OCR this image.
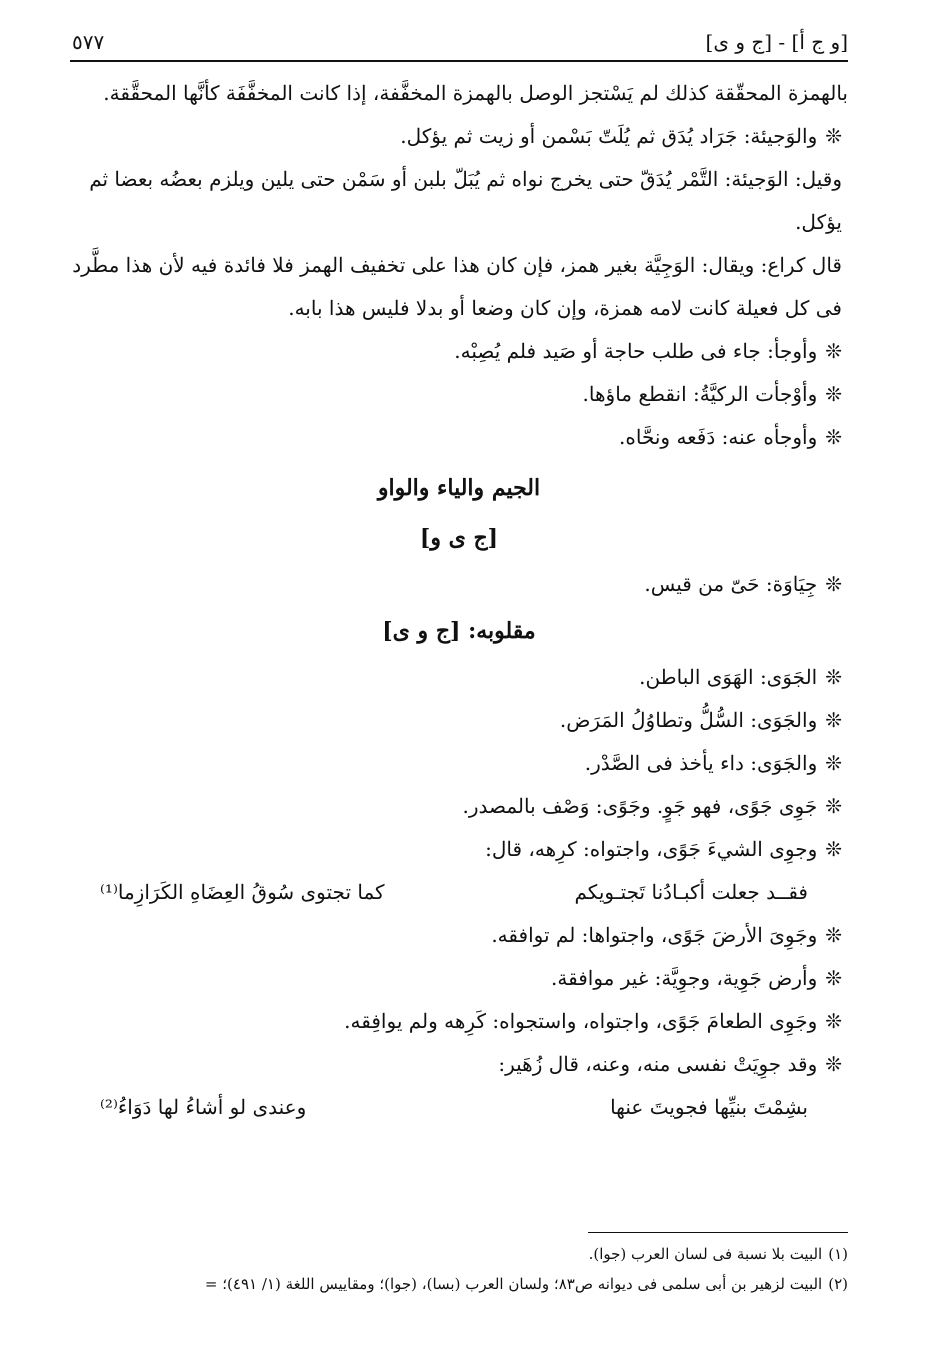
[و ج أ] - [ج و ى]
٥٧٧

بالهمزة المحقّقة كذلك لم يَسْتجز الوصل بالهمزة المخفَّفة، إذا كانت المخفَّفَة كأنَّها المحقَّقة.

❊والوَجيئة: جَرَاد يُدَق ثم يُلَتّ بَسْمن أو زيت ثم يؤكل.

وقيل: الوَجيئة: التَّمْر يُدَقّ حتى يخرج نواه ثم يُبَلّ بلبن أو سَمْن حتى يلين ويلزم بعضُه بعضا ثم يؤكل.

قال كراع: ويقال: الوَجِيَّة بغير همز، فإن كان هذا على تخفيف الهمز فلا فائدة فيه لأن هذا مطَّرد فى كل فعيلة كانت لامه همزة، وإن كان وضعا أو بدلا فليس هذا بابه.

❊وأوجأ: جاء فى طلب حاجة أو صَيد فلم يُصِبْه.

❊وأوْجأت الركيَّةُ: انقطع ماؤها.

❊وأوجأه عنه: دَفَعه ونحَّاه.

الجيم والياء والواو

[ج ى و]

❊جِيَاوَة: حَىّ من قيس.

مقلوبه: [ج و ى]

❊الجَوَى: الهَوَى الباطن.

❊والجَوَى: السُّلُّ وتطاوُلُ المَرَض.

❊والجَوَى: داء يأخذ فى الصَّدْر.

❊جَوِى جَوًى، فهو جَوٍ. وجَوًى: وَصْف بالمصدر.

❊وجوِى الشيءَ جَوًى، واجتواه: كرِهه، قال:

فقــد جعلت أكبـادُنا تَجتـويكم
كما تجتوى سُوقُ العِضَاهِ الكَرَازِما⁽¹⁾

❊وجَوِىَ الأرضَ جَوًى، واجتواها: لم توافقه.

❊وأرض جَوِية، وجوِيَّة: غير موافقة.

❊وجَوِى الطعامَ جَوًى، واجتواه، واستجواه: كَرِهه ولم يوافِقه.

❊وقد جوِيَتْ نفسى منه، وعنه، قال زُهَير:

بشِمْتَ بنيِّها فجويتَ عنها
وعندى لو أشاءُ لها دَوَاءُ⁽²⁾

(١)البيت بلا نسبة فى لسان العرب (جوا).

(٢)البيت لزهير بن أبى سلمى فى ديوانه ص٨٣؛ ولسان العرب (بسا)، (جوا)؛ ومقاييس اللغة (١/ ٤٩١)؛ =
